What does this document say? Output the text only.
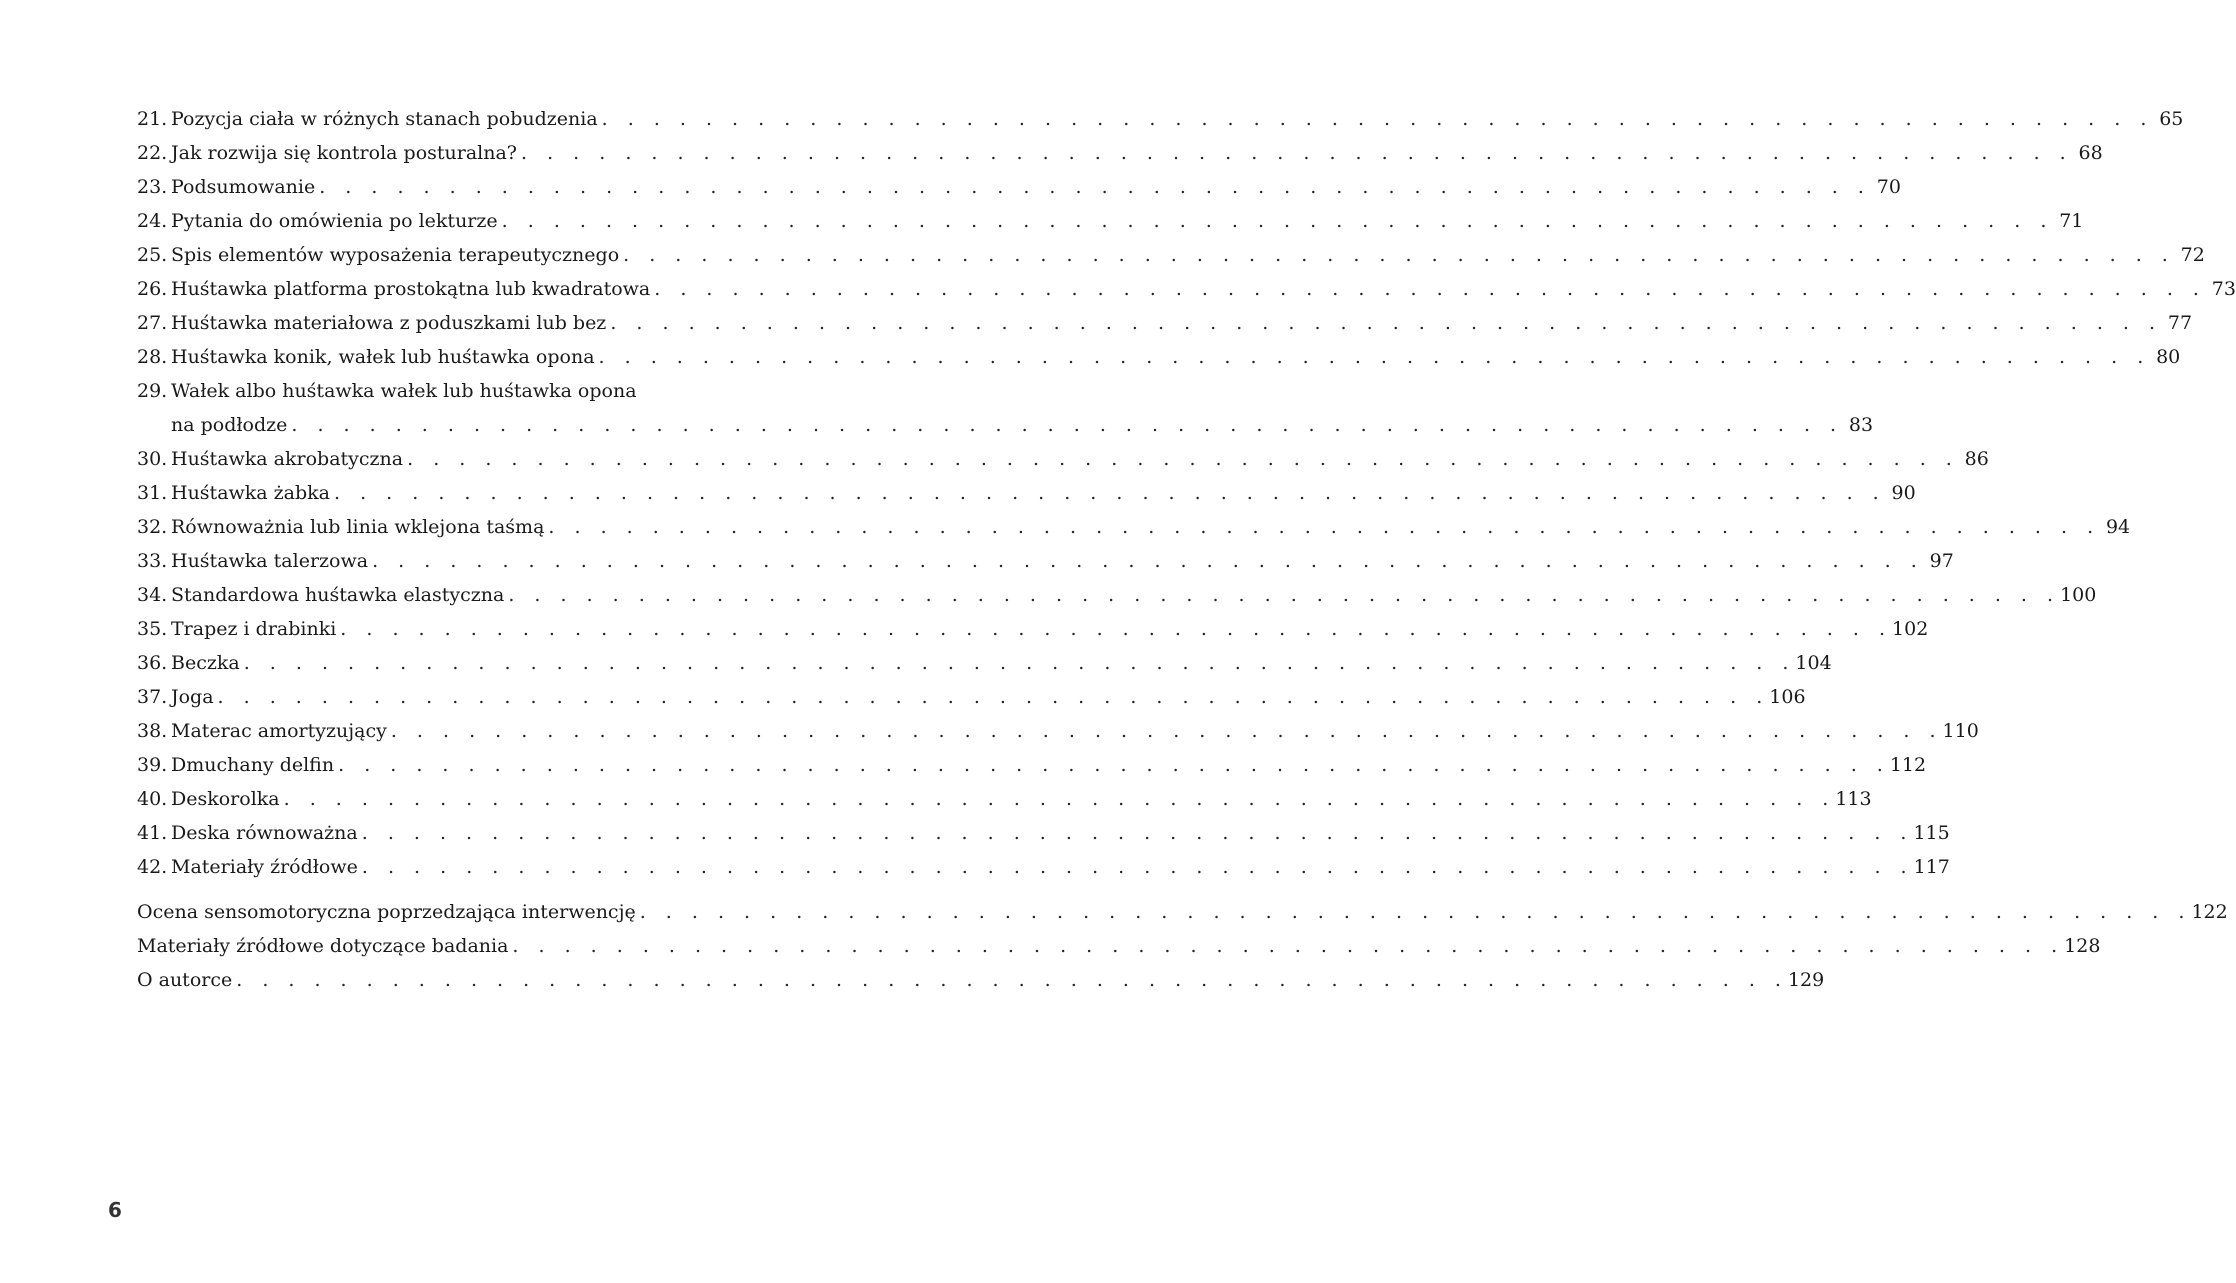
21. Pozycja ciała w różnych stanach pobudzenia . . . . . . . . . . . . . . . . . . . . . . . . . . . . . . . . . . . . . . . . . . . . . . . . . . . . . . . . . . . . 65
22. Jak rozwija się kontrola posturalna? . . . . . . . . . . . . . . . . . . . . . . . . . . . . . . . . . . . . . . . . . . . . . . . . . . . . . . . . . . . . 68
23. Podsumowanie . . . . . . . . . . . . . . . . . . . . . . . . . . . . . . . . . . . . . . . . . . . . . . . . . . . . . . . . . . . . 70
24. Pytania do omówienia po lekturze . . . . . . . . . . . . . . . . . . . . . . . . . . . . . . . . . . . . . . . . . . . . . . . . . . . . . . . . . . . . 71
25. Spis elementów wyposażenia terapeutycznego . . . . . . . . . . . . . . . . . . . . . . . . . . . . . . . . . . . . . . . . . . . . . . . . . . . . . . . . . . . . 72
26. Huśtawka platforma prostokątna lub kwadratowa . . . . . . . . . . . . . . . . . . . . . . . . . . . . . . . . . . . . . . . . . . . . . . . . . . . . . . . . . . . . 73
27. Huśtawka materiałowa z poduszkami lub bez . . . . . . . . . . . . . . . . . . . . . . . . . . . . . . . . . . . . . . . . . . . . . . . . . . . . . . . . . . . . 77
28. Huśtawka konik, wałek lub huśtawka opona . . . . . . . . . . . . . . . . . . . . . . . . . . . . . . . . . . . . . . . . . . . . . . . . . . . . . . . . . . . . 80
29. Wałek albo huśtawka wałek lub huśtawka opona
na podłodze . . . . . . . . . . . . . . . . . . . . . . . . . . . . . . . . . . . . . . . . . . . . . . . . . . . . . . . . . . . . 83
30. Huśtawka akrobatyczna . . . . . . . . . . . . . . . . . . . . . . . . . . . . . . . . . . . . . . . . . . . . . . . . . . . . . . . . . . . . 86
31. Huśtawka żabka . . . . . . . . . . . . . . . . . . . . . . . . . . . . . . . . . . . . . . . . . . . . . . . . . . . . . . . . . . . . 90
32. Równoważnia lub linia wklejona taśmą . . . . . . . . . . . . . . . . . . . . . . . . . . . . . . . . . . . . . . . . . . . . . . . . . . . . . . . . . . . . 94
33. Huśtawka talerzowa . . . . . . . . . . . . . . . . . . . . . . . . . . . . . . . . . . . . . . . . . . . . . . . . . . . . . . . . . . . . 97
34. Standardowa huśtawka elastyczna . . . . . . . . . . . . . . . . . . . . . . . . . . . . . . . . . . . . . . . . . . . . . . . . . . . . . . . . . . . . 100
35. Trapez i drabinki . . . . . . . . . . . . . . . . . . . . . . . . . . . . . . . . . . . . . . . . . . . . . . . . . . . . . . . . . . . . 102
36. Beczka . . . . . . . . . . . . . . . . . . . . . . . . . . . . . . . . . . . . . . . . . . . . . . . . . . . . . . . . . . . . 104
37. Joga . . . . . . . . . . . . . . . . . . . . . . . . . . . . . . . . . . . . . . . . . . . . . . . . . . . . . . . . . . . . 106
38. Materac amortyzujący . . . . . . . . . . . . . . . . . . . . . . . . . . . . . . . . . . . . . . . . . . . . . . . . . . . . . . . . . . . . 110
39. Dmuchany delfin . . . . . . . . . . . . . . . . . . . . . . . . . . . . . . . . . . . . . . . . . . . . . . . . . . . . . . . . . . . . 112
40. Deskorolka . . . . . . . . . . . . . . . . . . . . . . . . . . . . . . . . . . . . . . . . . . . . . . . . . . . . . . . . . . . . 113
41. Deska równoważna . . . . . . . . . . . . . . . . . . . . . . . . . . . . . . . . . . . . . . . . . . . . . . . . . . . . . . . . . . . . 115
42. Materiały źródłowe . . . . . . . . . . . . . . . . . . . . . . . . . . . . . . . . . . . . . . . . . . . . . . . . . . . . . . . . . . . . 117
Ocena sensomotoryczna poprzedzająca interwencję . . . . . . . . . . . . . . . . . . . . . . . . . . . . . . . . . . . . . . . . . . . . . . . . . . . . . . . . . . . . 122
Materiały źródłowe dotyczące badania . . . . . . . . . . . . . . . . . . . . . . . . . . . . . . . . . . . . . . . . . . . . . . . . . . . . . . . . . . . . 128
O autorce . . . . . . . . . . . . . . . . . . . . . . . . . . . . . . . . . . . . . . . . . . . . . . . . . . . . . . . . . . . . 129
6
